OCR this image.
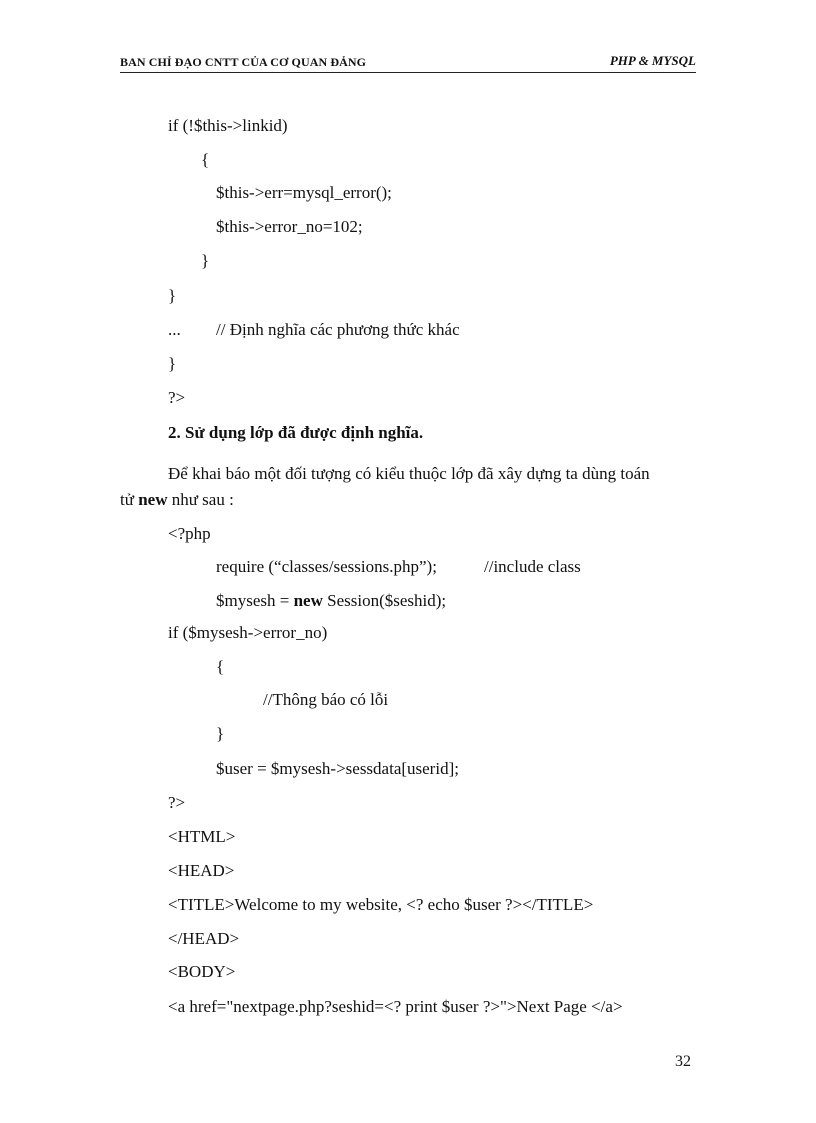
BAN CHỈ ĐẠO CNTT CỦA CƠ QUAN ĐẢNG	PHP & MYSQL
if (!$this->linkid)
{
$this->err=mysql_error();
$this->error_no=102;
}
}
... // Định nghĩa các phương thức khác
}
?>
2. Sử dụng lớp đã được định nghĩa.
Để khai báo một đối tượng có kiểu thuộc lớp đã xây dựng ta dùng toán
tử new như sau :
<?php
require (“classes/sessions.php”);	//include class
$mysesh = new Session($seshid);
if ($mysesh->error_no)
{
//Thông báo có lỗi
}
$user = $mysesh->sessdata[userid];
?>
<HTML>
<HEAD>
<TITLE>Welcome to my website, <? echo $user ?></TITLE>
</HEAD>
<BODY>
<a href="nextpage.php?seshid=<? print $user ?>">Next Page </a>
32
